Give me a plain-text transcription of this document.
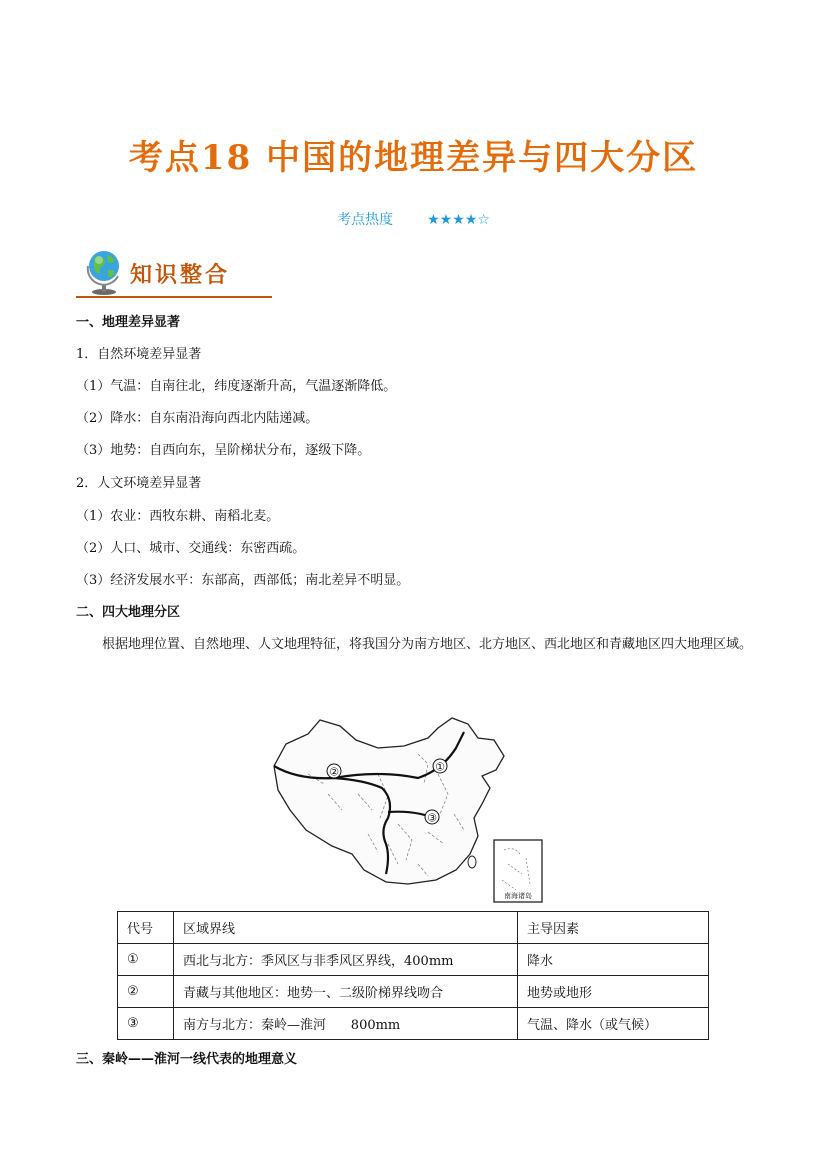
考点18 中国的地理差异与四大分区
考点热度 ★★★★☆
知识整合
一、地理差异显著
1．自然环境差异显著
（1）气温：自南往北，纬度逐渐升高，气温逐渐降低。
（2）降水：自东南沿海向西北内陆递减。
（3）地势：自西向东，呈阶梯状分布，逐级下降。
2．人文环境差异显著
（1）农业：西牧东耕、南稻北麦。
（2）人口、城市、交通线：东密西疏。
（3）经济发展水平：东部高，西部低；南北差异不明显。
二、四大地理分区
根据地理位置、自然地理、人文地理特征，将我国分为南方地区、北方地区、西北地区和青藏地区四大地理区域。
②	①
③
南海诸岛
代号	区域界线	主导因素
①	西北与北方：季风区与非季风区界线，400mm	降水
②	青藏与其他地区：地势一、二级阶梯界线吻合	地势或地形
③	南方与北方：秦岭—淮河      800mm	气温、降水（或气候）
三、秦岭——淮河一线代表的地理意义
